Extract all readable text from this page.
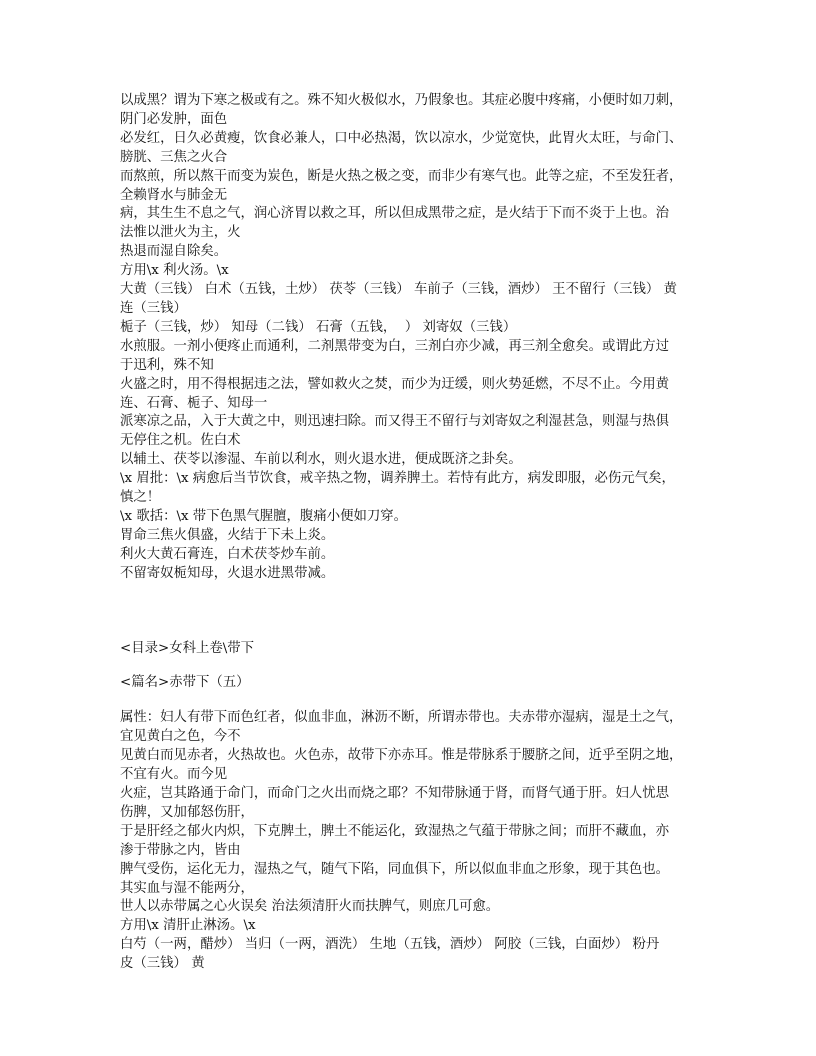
以成黑？谓为下寒之极或有之。殊不知火极似水，乃假象也。其症必腹中疼痛，小便时如刀刺，

阴门必发肿，面色

必发红，日久必黄瘦，饮食必兼人，口中必热渴，饮以凉水，少觉宽快，此胃火太旺，与命门、

膀胱、三焦之火合

而熬煎，所以熬干而变为炭色，断是火热之极之变，而非少有寒气也。此等之症，不至发狂者，

全赖肾水与肺金无

病，其生生不息之气，润心济胃以救之耳，所以但成黑带之症，是火结于下而不炎于上也。治

法惟以泄火为主，火

热退而湿自除矣。

方用\x 利火汤。\x

大黄（三钱） 白术（五钱，土炒） 茯苓（三钱） 车前子（三钱，酒炒） 王不留行（三钱） 黄

连（三钱）

栀子（三钱，炒） 知母（二钱） 石膏（五钱，  ） 刘寄奴（三钱）

水煎服。一剂小便疼止而通利，二剂黑带变为白，三剂白亦少减，再三剂全愈矣。或谓此方过

于迅利，殊不知

火盛之时，用不得根据违之法，譬如救火之焚，而少为迂缓，则火势延燃，不尽不止。今用黄

连、石膏、栀子、知母一

派寒凉之品，入于大黄之中，则迅速扫除。而又得王不留行与刘寄奴之利湿甚急，则湿与热俱

无停住之机。佐白术

以辅土、茯苓以渗湿、车前以利水，则火退水进，便成既济之卦矣。

\x 眉批：\x 病愈后当节饮食，戒辛热之物，调养脾土。若恃有此方，病发即服，必伤元气矣，

慎之！

\x 歌括：\x 带下色黑气腥膻，腹痛小便如刀穿。

胃命三焦火俱盛，火结于下未上炎。

利火大黄石膏连，白术茯苓炒车前。

不留寄奴栀知母，火退水进黑带减。

<目录>女科上卷\带下

<篇名>赤带下（五）

属性：妇人有带下而色红者，似血非血，淋沥不断，所谓赤带也。夫赤带亦湿病，湿是土之气，

宜见黄白之色，今不

见黄白而见赤者，火热故也。火色赤，故带下亦赤耳。惟是带脉系于腰脐之间，近乎至阴之地，

不宜有火。而今见

火症，岂其路通于命门，而命门之火出而烧之耶？不知带脉通于肾，而肾气通于肝。妇人忧思

伤脾，又加郁怒伤肝，

于是肝经之郁火内炽，下克脾土，脾土不能运化，致湿热之气蕴于带脉之间；而肝不藏血，亦

渗于带脉之内，皆由

脾气受伤，运化无力，湿热之气，随气下陷，同血俱下，所以似血非血之形象，现于其色也。

其实血与湿不能两分，

世人以赤带属之心火误矣 治法须清肝火而扶脾气，则庶几可愈。

方用\x 清肝止淋汤。\x

白芍（一两，醋炒） 当归（一两，酒洗） 生地（五钱，酒炒） 阿胶（三钱，白面炒） 粉丹

皮（三钱） 黄
